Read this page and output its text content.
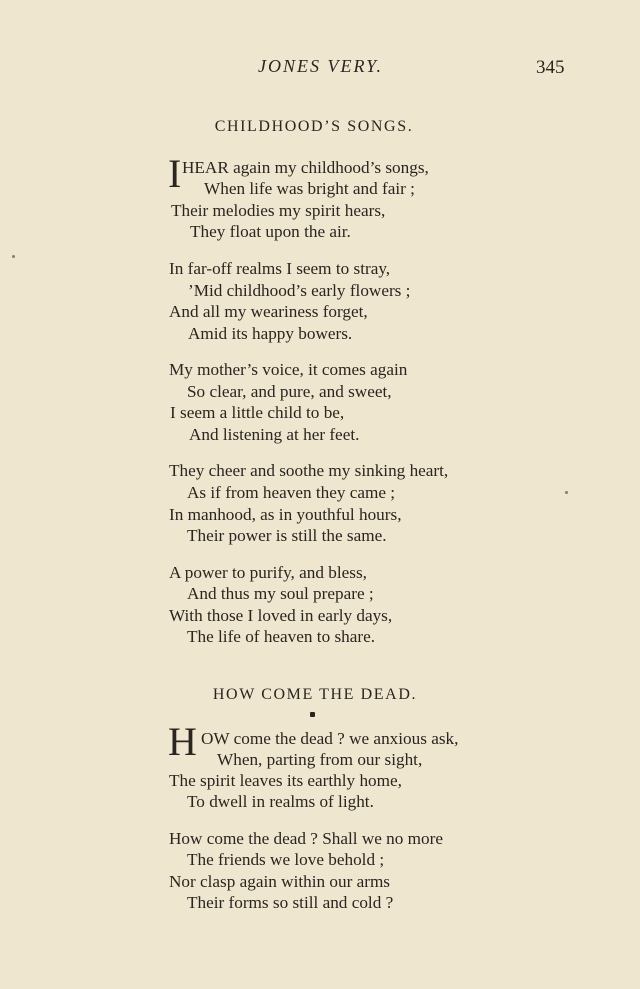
JONES VERY.	345
CHILDHOOD’S SONGS.
I HEAR again my childhood’s songs,
When life was bright and fair ;
Their melodies my spirit hears,
They float upon the air.
In far-off realms I seem to stray,
’Mid childhood’s early flowers ;
And all my weariness forget,
Amid its happy bowers.
My mother’s voice, it comes again
So clear, and pure, and sweet,
I seem a little child to be,
And listening at her feet.
They cheer and soothe my sinking heart,
As if from heaven they came ;
In manhood, as in youthful hours,
Their power is still the same.
A power to purify, and bless,
And thus my soul prepare ;
With those I loved in early days,
The life of heaven to share.
HOW COME THE DEAD.
H OW come the dead ? we anxious ask,
When, parting from our sight,
The spirit leaves its earthly home,
To dwell in realms of light.
How come the dead ? Shall we no more
The friends we love behold ;
Nor clasp again within our arms
Their forms so still and cold ?
